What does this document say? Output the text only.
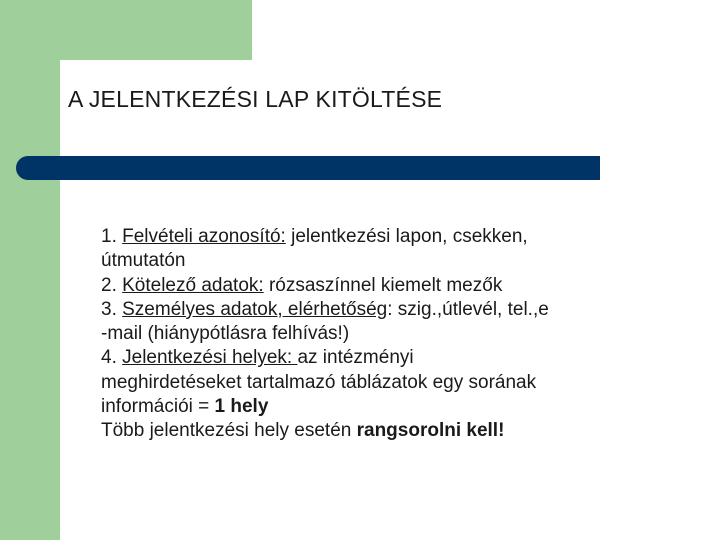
A JELENTKEZÉSI LAP KITÖLTÉSE

1. Felvételi azonosító: jelentkezési lapon, csekken,

útmutatón

2. Kötelező adatok: rózsaszínnel kiemelt mezők

3. Személyes adatok, elérhetőség: szig.,útlevél, tel.,e

-mail (hiánypótlásra felhívás!)

4. Jelentkezési helyek: az intézményi

meghirdetéseket tartalmazó táblázatok egy sorának

információi = 1 hely

Több jelentkezési hely esetén rangsorolni kell!
